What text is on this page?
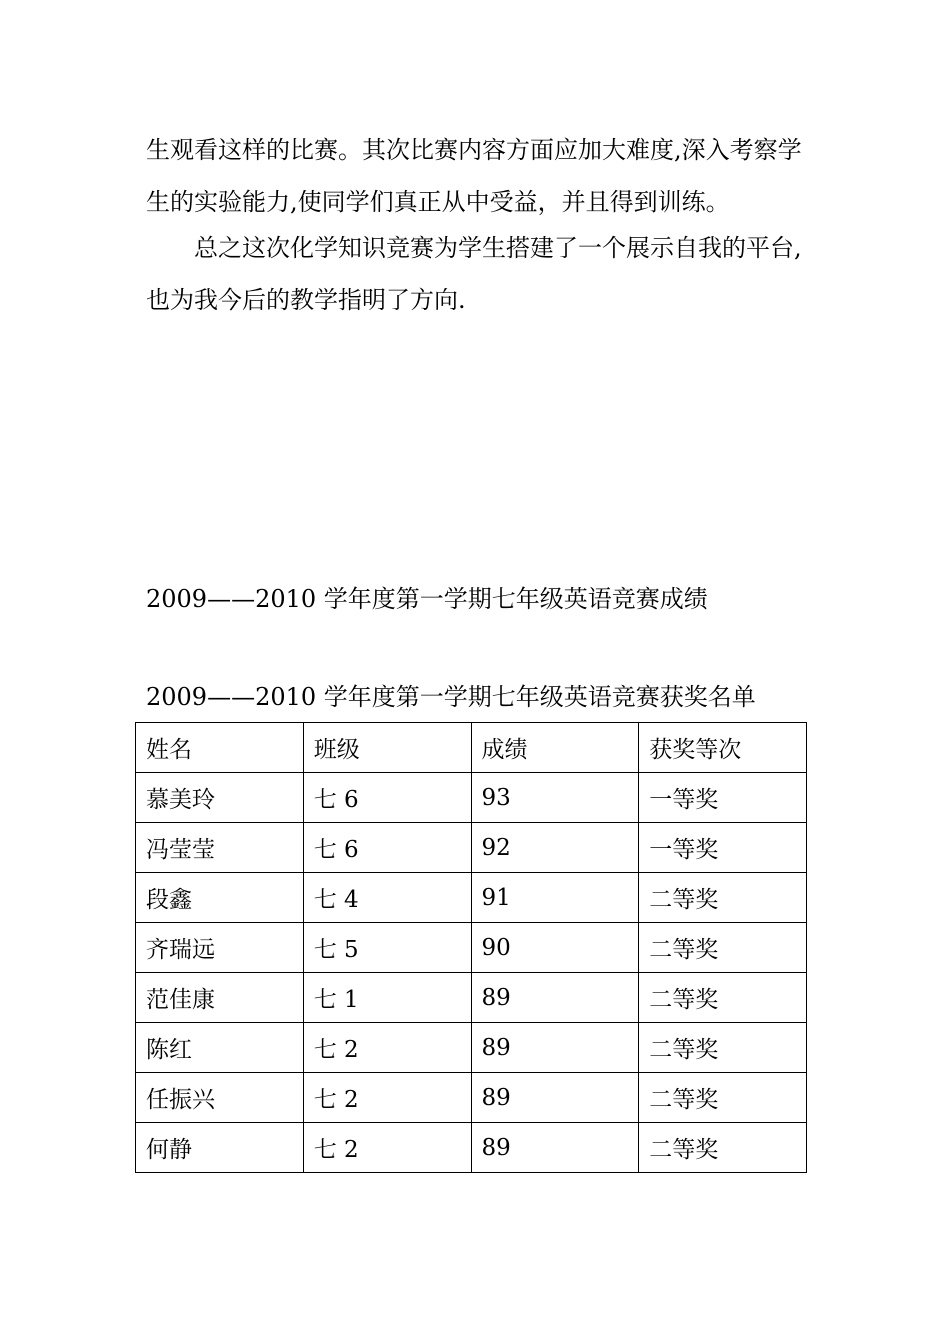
生观看这样的比赛。其次比赛内容方面应加大难度,深入考察学生的实验能力,使同学们真正从中受益，并且得到训练。

总之这次化学知识竞赛为学生搭建了一个展示自我的平台,也为我今后的教学指明了方向.

2009——2010 学年度第一学期七年级英语竞赛成绩

2009——2010 学年度第一学期七年级英语竞赛获奖名单

姓名	班级	成绩	获奖等次
慕美玲	七 6	93	一等奖
冯莹莹	七 6	92	一等奖
段鑫	七 4	91	二等奖
齐瑞远	七 5	90	二等奖
范佳康	七 1	89	二等奖
陈红	七 2	89	二等奖
任振兴	七 2	89	二等奖
何静	七 2	89	二等奖
